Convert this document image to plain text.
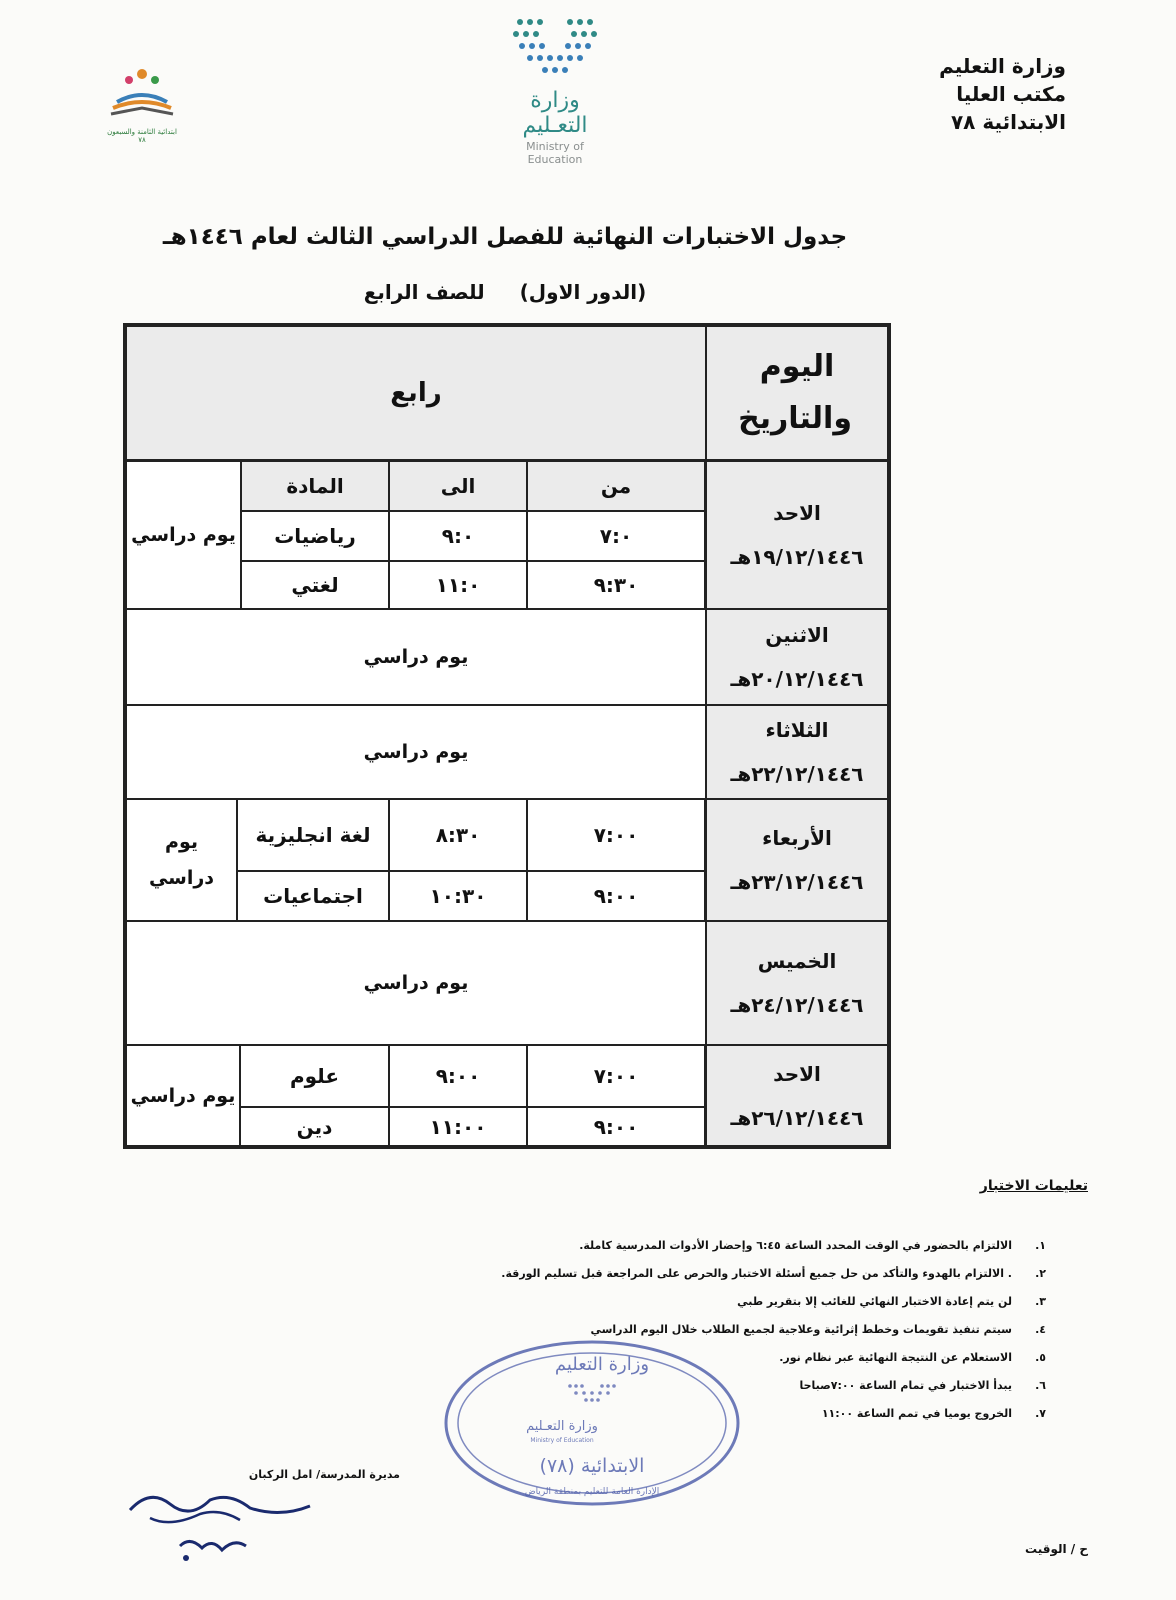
وزارة التعليم
مكتب العليا
الابتدائية ٧٨
وزارة التعـليم
Ministry of Education
ابتدائية الثامنة والسبعون
٧٨
جدول الاختبارات النهائية للفصل الدراسي الثالث لعام ١٤٤٦هـ
(الدور الاول) للصف الرابع
اليوم والتاريخ
رابع
الاحد
١٩/١٢/١٤٤٦هـ
من
الى
المادة
يوم دراسي	٧:٠
٩:٠
رياضيات
٩:٣٠
١١:٠
لغتي
الاثنين
٢٠/١٢/١٤٤٦هـ
يوم دراسي
الثلاثاء
٢٢/١٢/١٤٤٦هـ
يوم دراسي
الأربعاء
٢٣/١٢/١٤٤٦هـ
يوم
دراسي
٧:٠٠
٨:٣٠
لغة انجليزية
٩:٠٠
١٠:٣٠
اجتماعيات
الخميس
٢٤/١٢/١٤٤٦هـ
يوم دراسي
الاحد
٢٦/١٢/١٤٤٦هـ
يوم دراسي
٧:٠٠
٩:٠٠
علوم
٩:٠٠
١١:٠٠
دين
تعليمات الاختبار
١.الالتزام بالحضور في الوقت المحدد الساعة ٦:٤٥ وإحضار الأدوات المدرسية كاملة.
٢.. الالتزام بالهدوء والتأكد من حل جميع أسئلة الاختبار والحرص على المراجعة قبل تسليم الورقة.
٣.لن يتم إعادة الاختبار النهائي للغائب إلا بتقرير طبي
٤.سيتم تنفيذ تقويمات وخطط إثرائية وعلاجية لجميع الطلاب خلال اليوم الدراسي
٥.الاستعلام عن النتيجة النهائية عبر نظام نور.
٦.يبدأ الاختبار في تمام الساعة ٧:٠٠صباحا
٧.الخروج يوميا في تمم الساعة ١١:٠٠
وزارة التعليم
وزارة التعـليم
Ministry of Education
الابتدائية (٧٨)
الإدارة العامة للتعليم بمنطقة الرياض
مديرة المدرسة/ امل الركبان
ح / الوقيت
